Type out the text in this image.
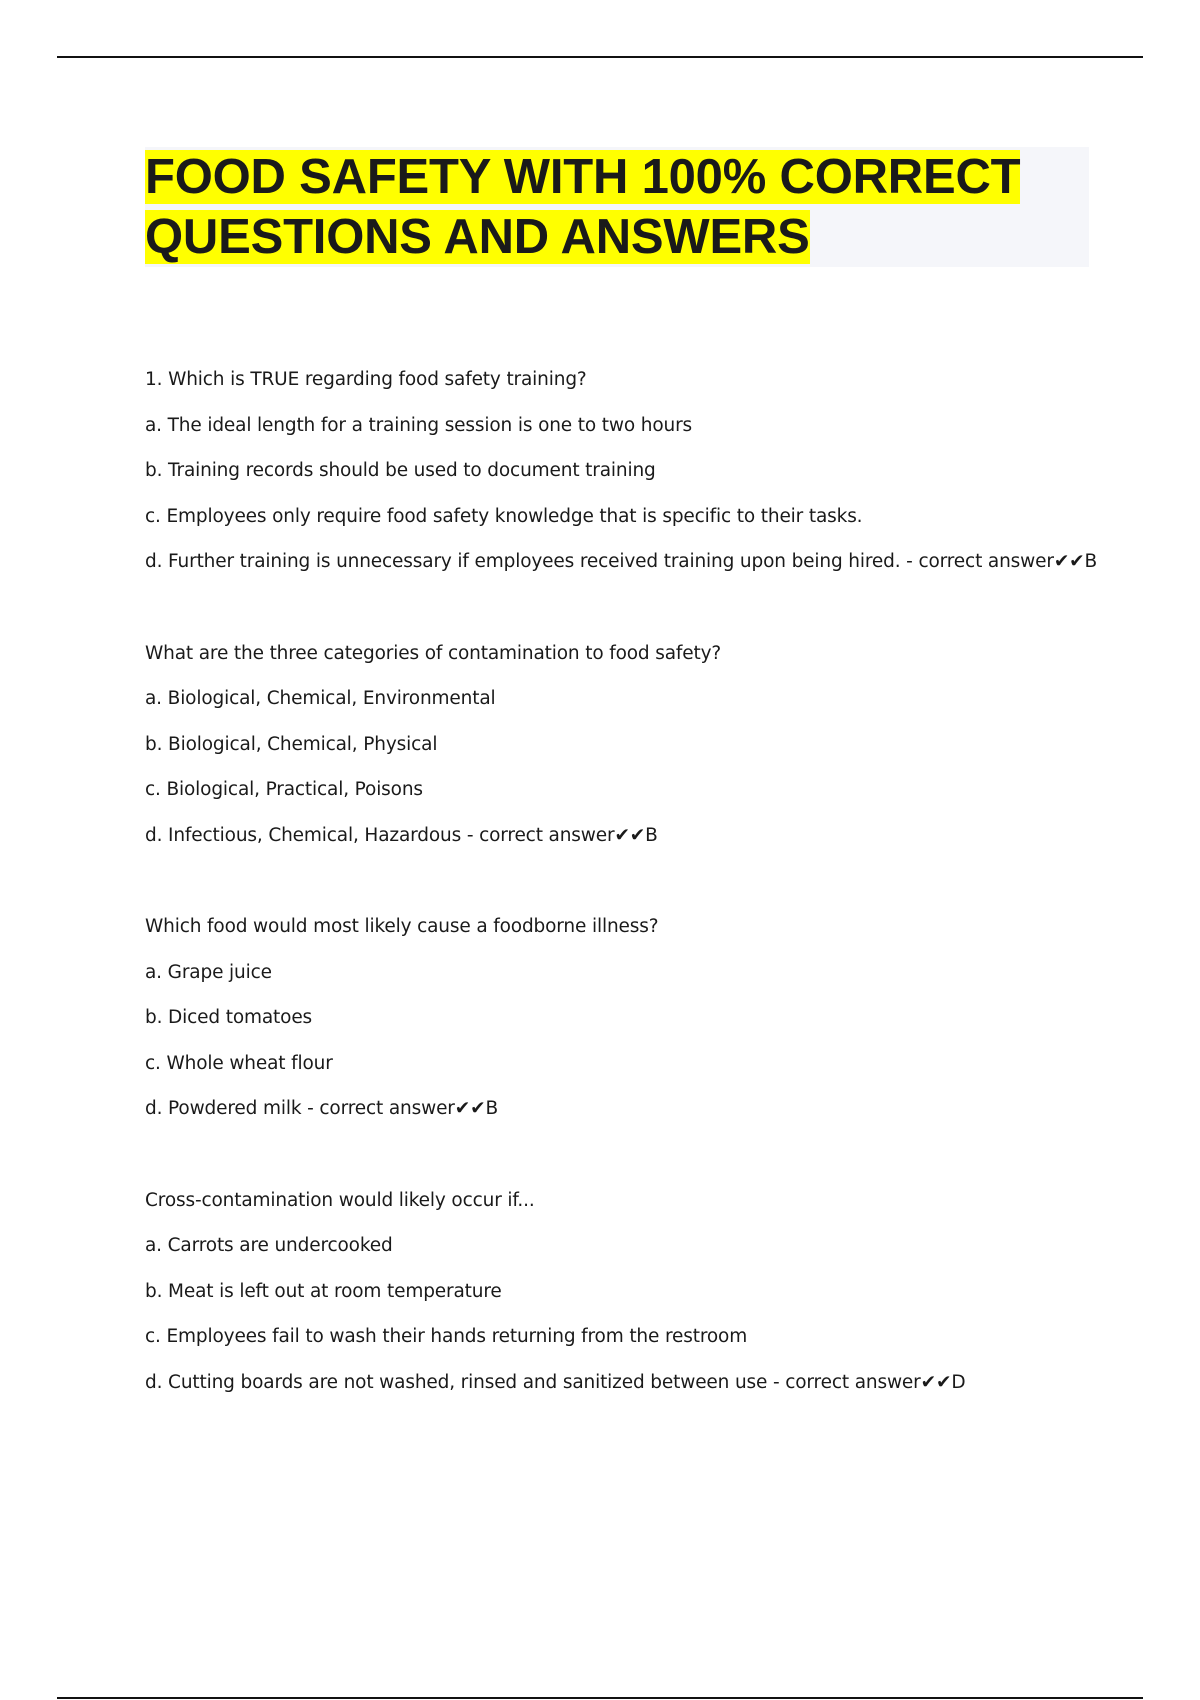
FOOD SAFETY WITH 100% CORRECT
QUESTIONS AND ANSWERS
1. Which is TRUE regarding food safety training?
a. The ideal length for a training session is one to two hours
b. Training records should be used to document training
c. Employees only require food safety knowledge that is specific to their tasks.
d. Further training is unnecessary if employees received training upon being hired. - correct answer✔✔B
What are the three categories of contamination to food safety?
a. Biological, Chemical, Environmental
b. Biological, Chemical, Physical
c. Biological, Practical, Poisons
d. Infectious, Chemical, Hazardous - correct answer✔✔B
Which food would most likely cause a foodborne illness?
a. Grape juice
b. Diced tomatoes
c. Whole wheat flour
d. Powdered milk - correct answer✔✔B
Cross-contamination would likely occur if...
a. Carrots are undercooked
b. Meat is left out at room temperature
c. Employees fail to wash their hands returning from the restroom
d. Cutting boards are not washed, rinsed and sanitized between use - correct answer✔✔D
